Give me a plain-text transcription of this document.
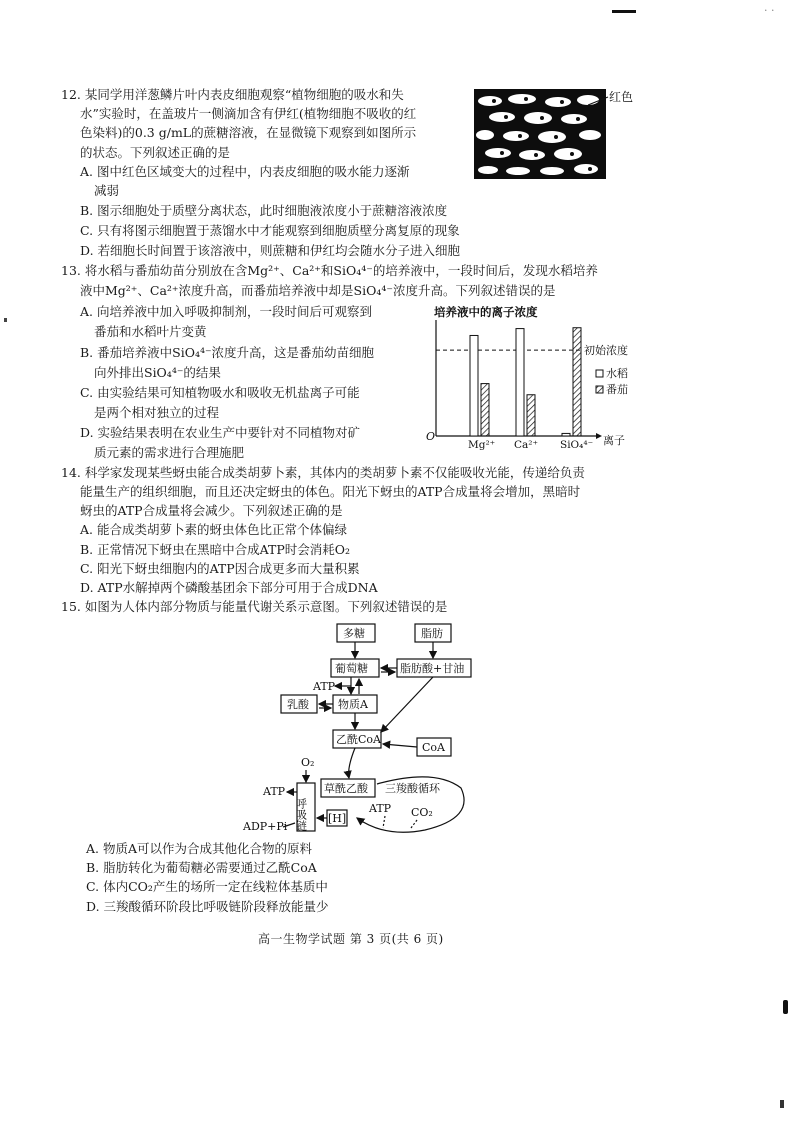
· ·
12. 某同学用洋葱鳞片叶内表皮细胞观察“植物细胞的吸水和失
水”实验时，在盖玻片一侧滴加含有伊红(植物细胞不吸收的红
色染料)的0.3 g/mL的蔗糖溶液，在显微镜下观察到如图所示
的状态。下列叙述正确的是
A. 图中红色区域变大的过程中，内表皮细胞的吸水能力逐渐
减弱
B. 图示细胞处于质壁分离状态，此时细胞液浓度小于蔗糖溶液浓度
C. 只有将图示细胞置于蒸馏水中才能观察到细胞质壁分离复原的现象
D. 若细胞长时间置于该溶液中，则蔗糖和伊红均会随水分子进入细胞
红色
13. 将水稻与番茄幼苗分别放在含Mg²⁺、Ca²⁺和SiO₄⁴⁻的培养液中，一段时间后，发现水稻培养
液中Mg²⁺、Ca²⁺浓度升高，而番茄培养液中却是SiO₄⁴⁻浓度升高。下列叙述错误的是
A. 向培养液中加入呼吸抑制剂，一段时间后可观察到
番茄和水稻叶片变黄
B. 番茄培养液中SiO₄⁴⁻浓度升高，这是番茄幼苗细胞
向外排出SiO₄⁴⁻的结果
C. 由实验结果可知植物吸水和吸收无机盐离子可能
是两个相对独立的过程
D. 实验结果表明在农业生产中要针对不同植物对矿
质元素的需求进行合理施肥
培养液中的离子浓度
O	离子
初始浓度
Mg²⁺ Ca²⁺ SiO₄⁴⁻
水稻
番茄
14. 科学家发现某些蚜虫能合成类胡萝卜素，其体内的类胡萝卜素不仅能吸收光能，传递给负责
能量生产的组织细胞，而且还决定蚜虫的体色。阳光下蚜虫的ATP合成量将会增加，黑暗时
蚜虫的ATP合成量将会减少。下列叙述正确的是
A. 能合成类胡萝卜素的蚜虫体色比正常个体偏绿
B. 正常情况下蚜虫在黑暗中合成ATP时会消耗O₂
C. 阳光下蚜虫细胞内的ATP因合成更多而大量积累
D. ATP水解掉两个磷酸基团余下部分可用于合成DNA
15. 如图为人体内部分物质与能量代谢关系示意图。下列叙述错误的是
多糖	脂肪
葡萄糖	脂肪酸+甘油
ATP
乳酸	物质A
乙酰CoA
CoA
O₂
ATP
呼吸链
草酰乙酸 三羧酸循环
[H]
ATP CO₂
ADP+Pi
A. 物质A可以作为合成其他化合物的原料
B. 脂肪转化为葡萄糖必需要通过乙酰CoA
C. 体内CO₂产生的场所一定在线粒体基质中
D. 三羧酸循环阶段比呼吸链阶段释放能量少
高一生物学试题 第 3 页(共 6 页)
